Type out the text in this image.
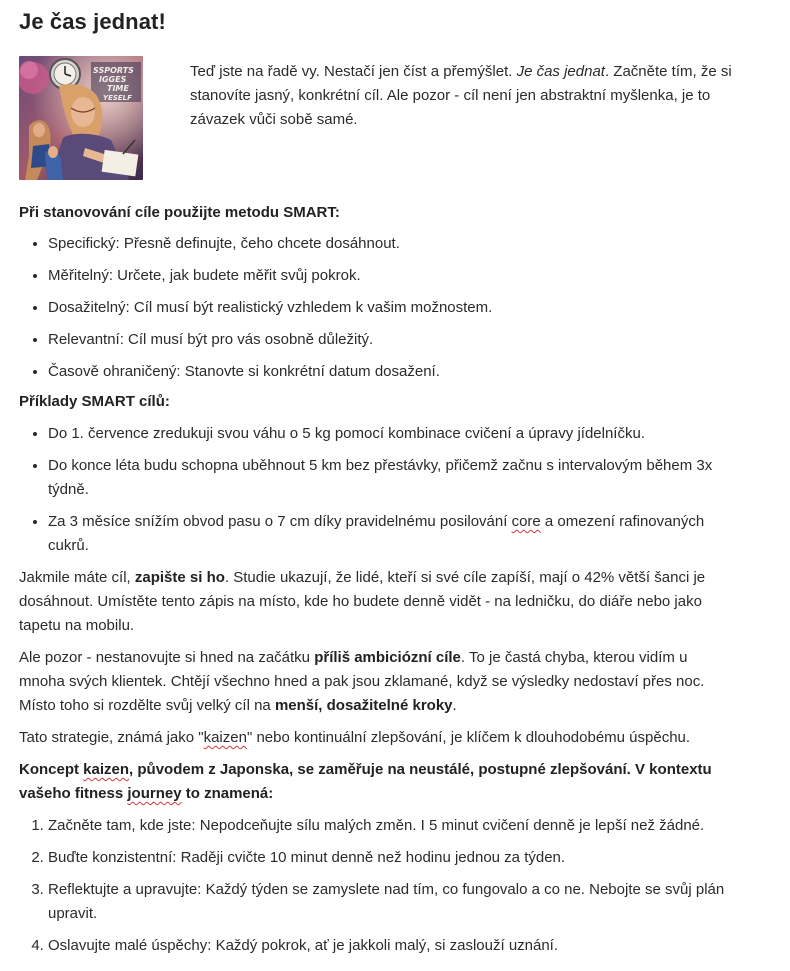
Je čas jednat!
SSPORTS
IGGES
TIME
YESELF

Teď jste na řadě vy. Nestačí jen číst a přemýšlet. Je čas jednat. Začněte tím, že si stanovíte jasný, konkrétní cíl. Ale pozor - cíl není jen abstraktní myšlenka, je to závazek vůči sobě samé.

Při stanovování cíle použijte metodu SMART:

• Specifický: Přesně definujte, čeho chcete dosáhnout.
• Měřitelný: Určete, jak budete měřit svůj pokrok.
• Dosažitelný: Cíl musí být realistický vzhledem k vašim možnostem.
• Relevantní: Cíl musí být pro vás osobně důležitý.
• Časově ohraničený: Stanovte si konkrétní datum dosažení.

Příklady SMART cílů:

• Do 1. července zredukuji svou váhu o 5 kg pomocí kombinace cvičení a úpravy jídelníčku.
• Do konce léta budu schopna uběhnout 5 km bez přestávky, přičemž začnu s intervalovým během 3x týdně.
• Za 3 měsíce snížím obvod pasu o 7 cm díky pravidelnému posilování core a omezení rafinovaných cukrů.

Jakmile máte cíl, zapište si ho. Studie ukazují, že lidé, kteří si své cíle zapíší, mají o 42% větší šanci je dosáhnout. Umístěte tento zápis na místo, kde ho budete denně vidět - na ledničku, do diáře nebo jako tapetu na mobilu.

Ale pozor - nestanovujte si hned na začátku příliš ambiciózní cíle. To je častá chyba, kterou vidím u mnoha svých klientek. Chtějí všechno hned a pak jsou zklamané, když se výsledky nedostaví přes noc. Místo toho si rozdělte svůj velký cíl na menší, dosažitelné kroky.

Tato strategie, známá jako "kaizen" nebo kontinuální zlepšování, je klíčem k dlouhodobému úspěchu.

Koncept kaizen, původem z Japonska, se zaměřuje na neustálé, postupné zlepšování. V kontextu vašeho fitness journey to znamená:

1. Začněte tam, kde jste: Nepodceňujte sílu malých změn. I 5 minut cvičení denně je lepší než žádné.
2. Buďte konzistentní: Raději cvičte 10 minut denně než hodinu jednou za týden.
3. Reflektujte a upravujte: Každý týden se zamyslete nad tím, co fungovalo a co ne. Nebojte se svůj plán upravit.
4. Oslavujte malé úspěchy: Každý pokrok, ať je jakkoli malý, si zaslouží uznání.
